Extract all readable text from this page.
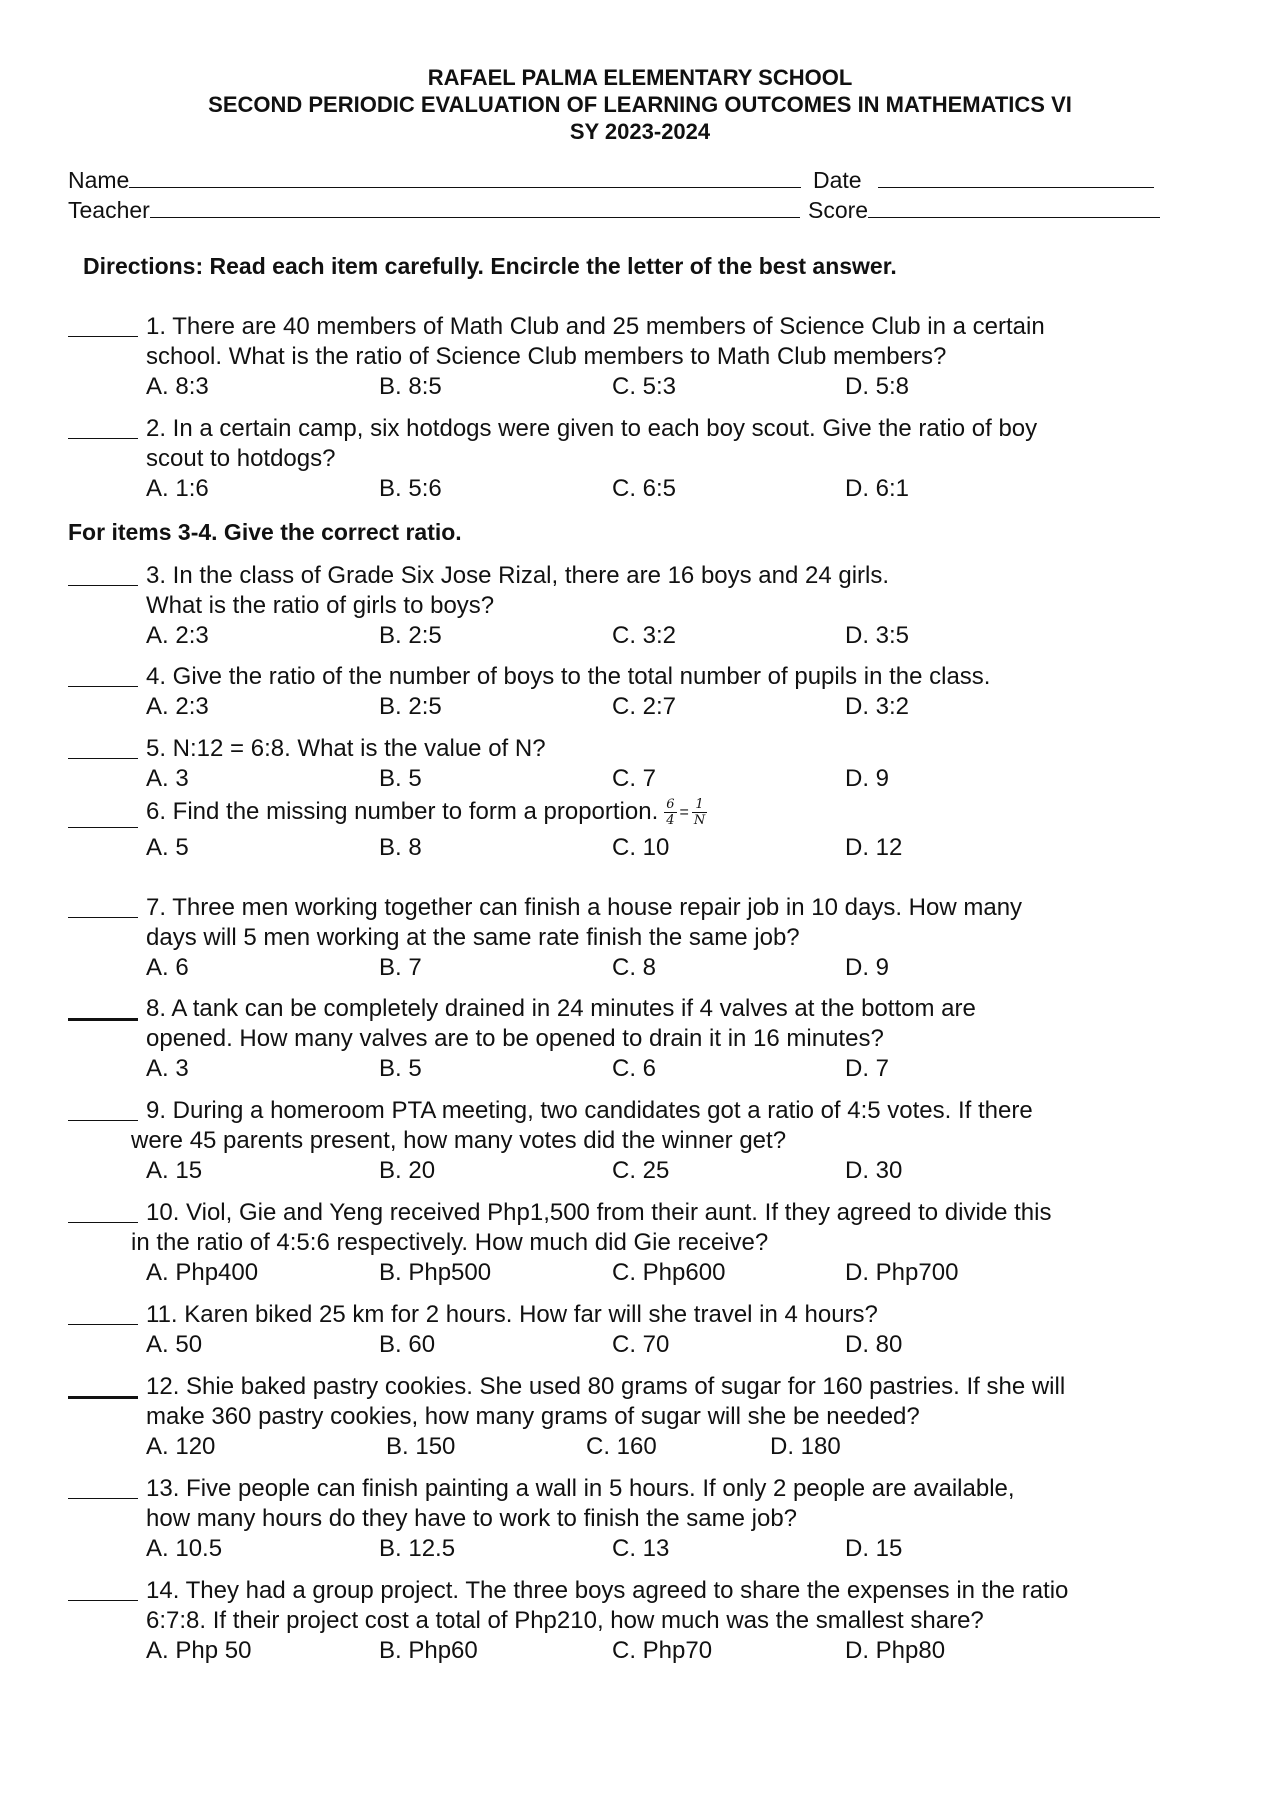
RAFAEL PALMA ELEMENTARY SCHOOL
SECOND PERIODIC EVALUATION OF LEARNING OUTCOMES IN MATHEMATICS VI
SY 2023-2024
Name	Date
Teacher	Score
Directions: Read each item carefully. Encircle the letter of the best answer.
1. There are 40 members of Math Club and 25 members of Science Club in a certain
school. What is the ratio of Science Club members to Math Club members?
A. 8:3	B. 8:5	C. 5:3	D. 5:8
2. In a certain camp, six hotdogs were given to each boy scout. Give the ratio of boy
scout to hotdogs?
A. 1:6	B. 5:6	C. 6:5	D. 6:1
3. In the class of Grade Six Jose Rizal, there are 16 boys and 24 girls.
What is the ratio of girls to boys?
A. 2:3	B. 2:5	C. 3:2	D. 3:5
4. Give the ratio of the number of boys to the total number of pupils in the class.
A. 2:3	B. 2:5	C. 2:7	D. 3:2
5. N:12 = 6:8. What is the value of N?
A. 3	B. 5	C. 7	D. 9
6. Find the missing number to form a proportion. $\frac{6}{4} = \frac{1}{N}$
A. 5	B. 8	C. 10	D. 12
7. Three men working together can finish a house repair job in 10 days. How many
days will 5 men working at the same rate finish the same job?
A. 6	B. 7	C. 8	D. 9
8. A tank can be completely drained in 24 minutes if 4 valves at the bottom are
opened. How many valves are to be opened to drain it in 16 minutes?
A. 3	B. 5	C. 6	D. 7
9. During a homeroom PTA meeting, two candidates got a ratio of 4:5 votes. If there
were 45 parents present, how many votes did the winner get?
A. 15	B. 20	C. 25	D. 30
10. Viol, Gie and Yeng received Php1,500 from their aunt. If they agreed to divide this
in the ratio of 4:5:6 respectively. How much did Gie receive?
A. Php400	B. Php500	C. Php600	D. Php700
11. Karen biked 25 km for 2 hours. How far will she travel in 4 hours?
A. 50	B. 60	C. 70	D. 80
12. Shie baked pastry cookies. She used 80 grams of sugar for 160 pastries. If she will
make 360 pastry cookies, how many grams of sugar will she be needed?
A. 120	B. 150	C. 160	D. 180
13. Five people can finish painting a wall in 5 hours. If only 2 people are available,
how many hours do they have to work to finish the same job?
A. 10.5	B. 12.5	C. 13	D. 15
14. They had a group project. The three boys agreed to share the expenses in the ratio
6:7:8. If their project cost a total of Php210, how much was the smallest share?
A. Php 50	B. Php60	C. Php70	D. Php80
For items 3-4. Give the correct ratio.
